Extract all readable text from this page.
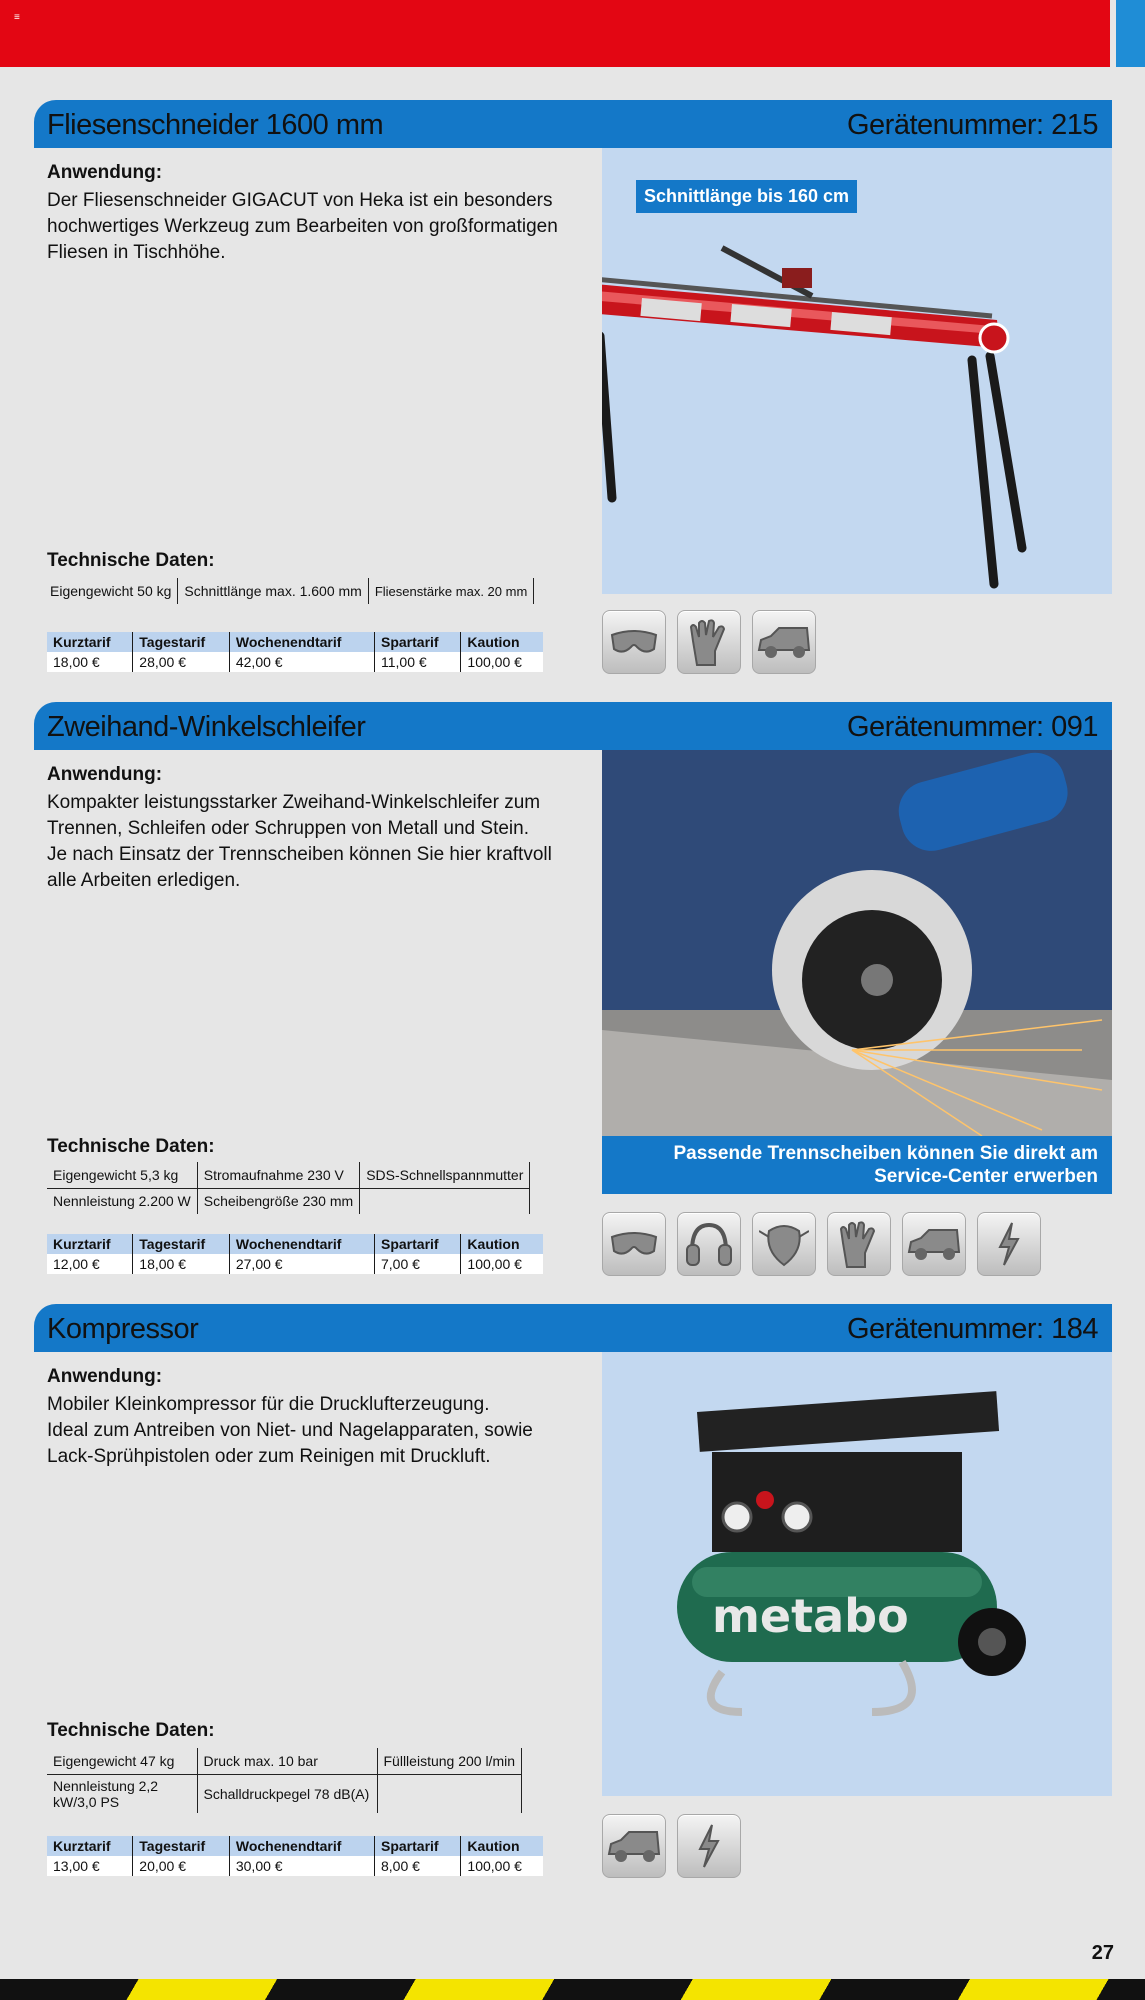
≡
Fliesenschneider 1600 mm	Gerätenummer: 215
Anwendung:
Der Fliesenschneider GIGACUT von Heka ist ein besonders
hochwertiges Werkzeug zum Bearbeiten von großformatigen
Fliesen in Tischhöhe.
Technische Daten:
Eigengewicht 50 kg	Schnittlänge max. 1.600 mm	Fliesenstärke max. 20 mm
Kurztarif	Tagestarif	Wochenendtarif	Spartarif	Kaution
18,00 €	28,00 €	42,00 €	11,00 €	100,00 €
Schnittlänge bis 160 cm
Zweihand-Winkelschleifer	Gerätenummer: 091
Anwendung:
Kompakter leistungsstarker Zweihand-Winkelschleifer zum
Trennen, Schleifen oder Schruppen von Metall und Stein.
Je nach Einsatz der Trennscheiben können Sie hier kraftvoll
alle Arbeiten erledigen.
Technische Daten:
Eigengewicht 5,3 kg	Stromaufnahme 230 V	SDS-Schnellspannmutter
Nennleistung 2.200 W	Scheibengröße 230 mm	
Kurztarif	Tagestarif	Wochenendtarif	Spartarif	Kaution
12,00 €	18,00 €	27,00 €	7,00 €	100,00 €
Passende Trennscheiben können Sie direkt am
Service-Center erwerben
Kompressor	Gerätenummer: 184
Anwendung:
Mobiler Kleinkompressor für die Drucklufterzeugung.
Ideal zum Antreiben von Niet- und Nagelapparaten, sowie
Lack-Sprühpistolen oder zum Reinigen mit Druckluft.
Technische Daten:
Eigengewicht 47 kg	Druck max. 10 bar	Füllleistung 200 l/min
Nennleistung 2,2 kW/3,0 PS	Schalldruckpegel 78 dB(A)	
Kurztarif	Tagestarif	Wochenendtarif	Spartarif	Kaution
13,00 €	20,00 €	30,00 €	8,00 €	100,00 €
metabo
27
